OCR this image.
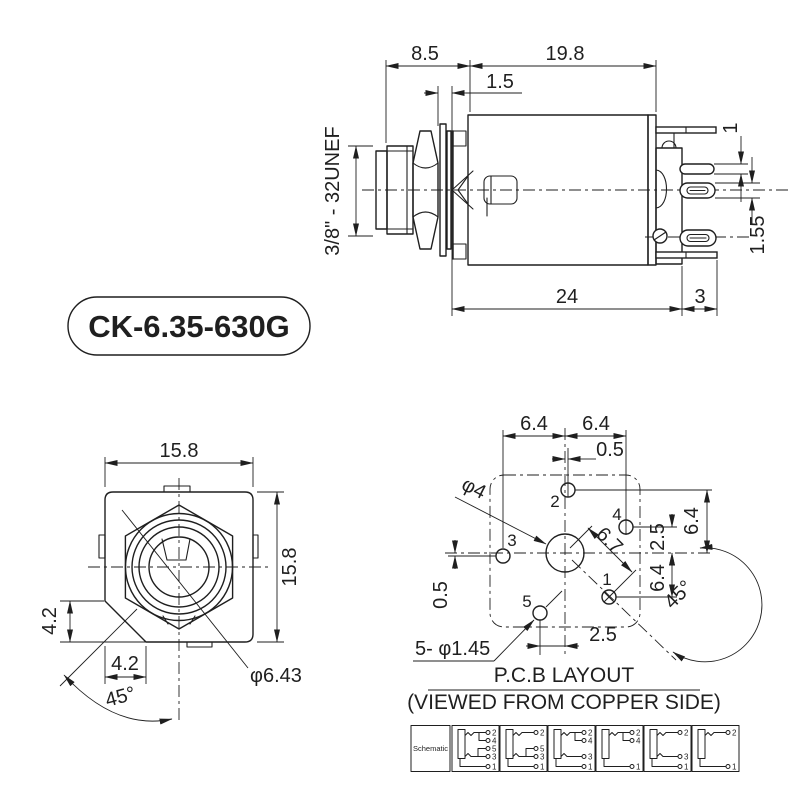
8.5	19.8
1.5
3/8" - 32UNEF	1
1.55
24	3
CK-6.35-630G
15.8
15.8
4.2
4.2
45°
φ6.43
2
4
3
1
5
6.4 6.4
0.5
φ4
6.7 2.5
6.4
6.4
45°
0.5
2.5
5- φ1.45
P.C.B LAYOUT
(VIEWED FROM COPPER SIDE)
Schematic
2
4
5
3
1
2
5
3
1
2
4
3
1
2
4
1
2
3
1
2
1
